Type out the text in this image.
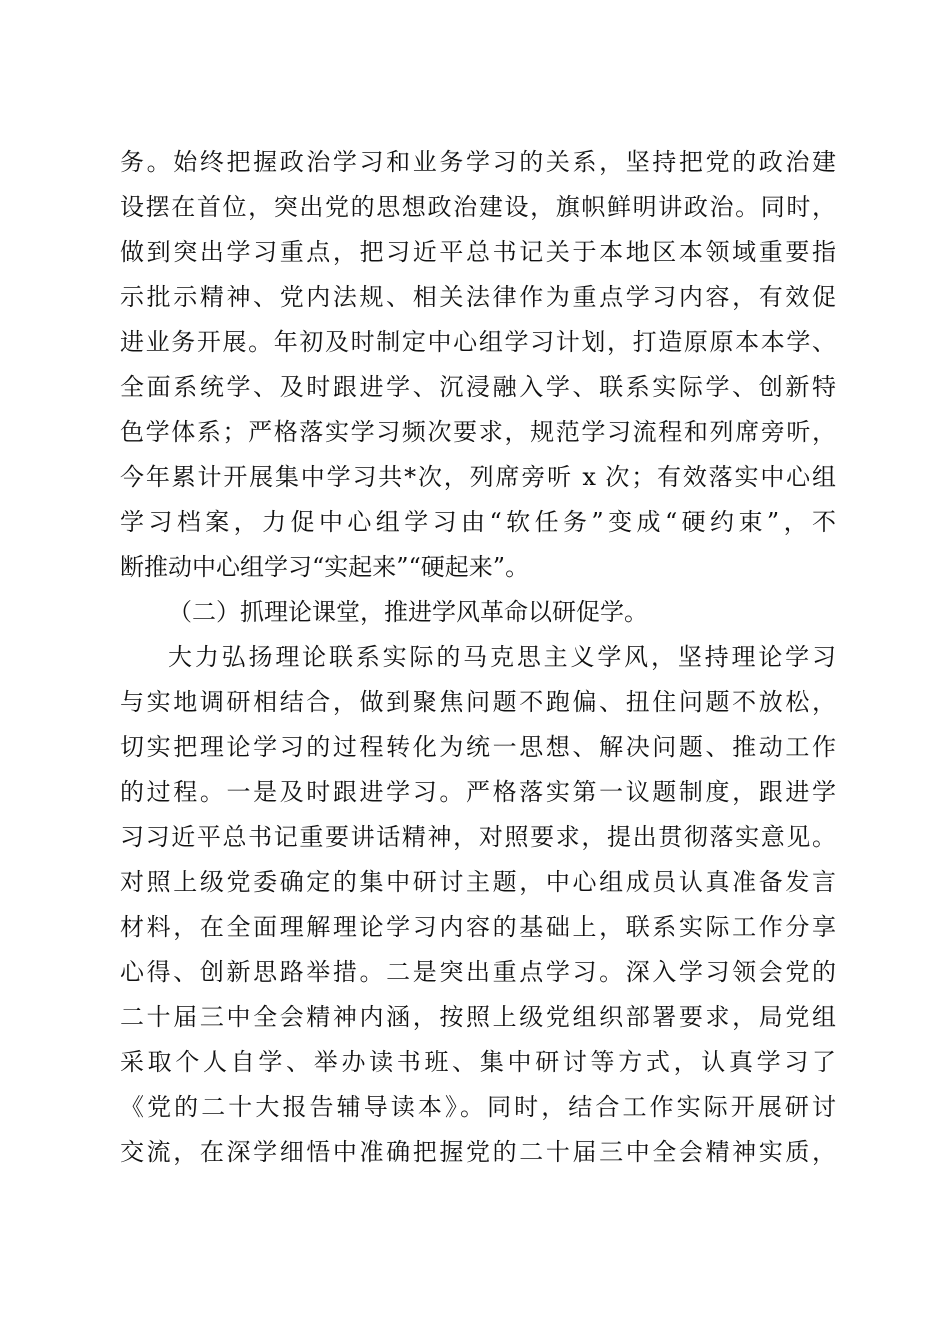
务。始终把握政治学习和业务学习的关系，坚持把党的政治建
设摆在首位，突出党的思想政治建设，旗帜鲜明讲政治。同时，
做到突出学习重点，把习近平总书记关于本地区本领域重要指
示批示精神、党内法规、相关法律作为重点学习内容，有效促
进业务开展。年初及时制定中心组学习计划，打造原原本本学、
全面系统学、及时跟进学、沉浸融入学、联系实际学、创新特
色学体系；严格落实学习频次要求，规范学习流程和列席旁听，
今年累计开展集中学习共*次，列席旁听 x 次；有效落实中心组
学习档案，力促中心组学习由“软任务”变成“硬约束”，不
断推动中心组学习“实起来”“硬起来”。
（二）抓理论课堂，推进学风革命以研促学。
大力弘扬理论联系实际的马克思主义学风，坚持理论学习
与实地调研相结合，做到聚焦问题不跑偏、扭住问题不放松，
切实把理论学习的过程转化为统一思想、解决问题、推动工作
的过程。一是及时跟进学习。严格落实第一议题制度，跟进学
习习近平总书记重要讲话精神，对照要求，提出贯彻落实意见。
对照上级党委确定的集中研讨主题，中心组成员认真准备发言
材料，在全面理解理论学习内容的基础上，联系实际工作分享
心得、创新思路举措。二是突出重点学习。深入学习领会党的
二十届三中全会精神内涵，按照上级党组织部署要求，局党组
采取个人自学、举办读书班、集中研讨等方式，认真学习了
《党的二十大报告辅导读本》。同时，结合工作实际开展研讨
交流，在深学细悟中准确把握党的二十届三中全会精神实质，
